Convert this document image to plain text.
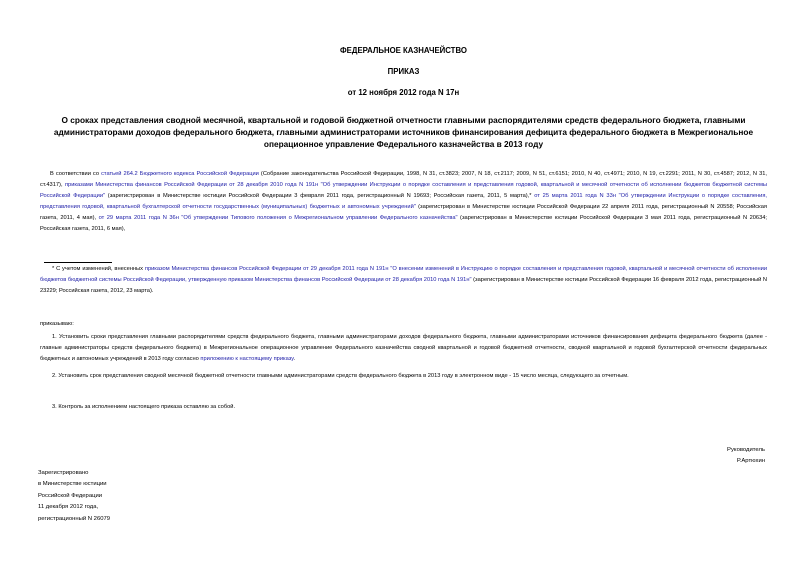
ФЕДЕРАЛЬНОЕ КАЗНАЧЕЙСТВО
ПРИКАЗ
от 12 ноября 2012 года N 17н
О сроках представления сводной месячной, квартальной и годовой бюджетной отчетности главными распорядителями средств федерального бюджета, главными администраторами доходов федерального бюджета, главными администраторами источников финансирования дефицита федерального бюджета в Межрегиональное операционное управление Федерального казначейства в 2013 году
В соответствии со статьей 264.2 Бюджетного кодекса Российской Федерации (Собрание законодательства Российской Федерации, 1998, N 31, ст.3823; 2007, N 18, ст.2117; 2009, N 51, ст.6151; 2010, N 40, ст.4971; 2010, N 19, ст.2291; 2011, N 30, ст.4587; 2012, N 31, ст.4317), приказами Министерства финансов Российской Федерации от 28 декабря 2010 года N 191н "Об утверждении Инструкции о порядке составления и представления годовой, квартальной и месячной отчетности об исполнении бюджетов бюджетной системы Российской Федерации" (зарегистрирован в Министерстве юстиции Российской Федерации 3 февраля 2011 года, регистрационный N 19693; Российская газета, 2011, 5 марта),* от 25 марта 2011 года N 33н "Об утверждении Инструкции о порядке составления, представления годовой, квартальной бухгалтерской отчетности государственных (муниципальных) бюджетных и автономных учреждений" (зарегистрирован в Министерстве юстиции Российской Федерации 22 апреля 2011 года, регистрационный N 20558; Российская газета, 2011, 4 мая), от 29 марта 2011 года N 36н "Об утверждении Типового положения о Межрегиональном управлении Федерального казначейства" (зарегистрирован в Министерстве юстиции Российской Федерации 3 мая 2011 года, регистрационный N 20634; Российская газета, 2011, 6 мая),
* С учетом изменений, внесенных приказом Министерства финансов Российской Федерации от 29 декабря 2011 года N 191н "О внесении изменений в Инструкцию о порядке составления и представления годовой, квартальной и месячной отчетности об исполнении бюджетов бюджетной системы Российской Федерации, утвержденную приказом Министерства финансов Российской Федерации от 28 декабря 2010 года N 191н" (зарегистрирован в Министерстве юстиции Российской Федерации 16 февраля 2012 года, регистрационный N 23229; Российская газета, 2012, 23 марта).
приказываю:
1. Установить сроки представления главными распорядителями средств федерального бюджета, главными администраторами доходов федерального бюджета, главными администраторами источников финансирования дефицита федерального бюджета (далее - главные администраторы средств федерального бюджета) в Межрегиональное операционное управление Федерального казначейства сводной квартальной и годовой бюджетной отчетности, сводной квартальной и годовой бухгалтерской отчетности федеральных бюджетных и автономных учреждений в 2013 году согласно приложению к настоящему приказу.
2. Установить срок представления сводной месячной бюджетной отчетности главными администраторами средств федерального бюджета в 2013 году в электронном виде - 15 число месяца, следующего за отчетным.
3. Контроль за исполнением настоящего приказа оставляю за собой.
Руководитель
Р.Артюхин
Зарегистрировано
в Министерстве юстиции
Российской Федерации
11 декабря 2012 года,
регистрационный N 26079
